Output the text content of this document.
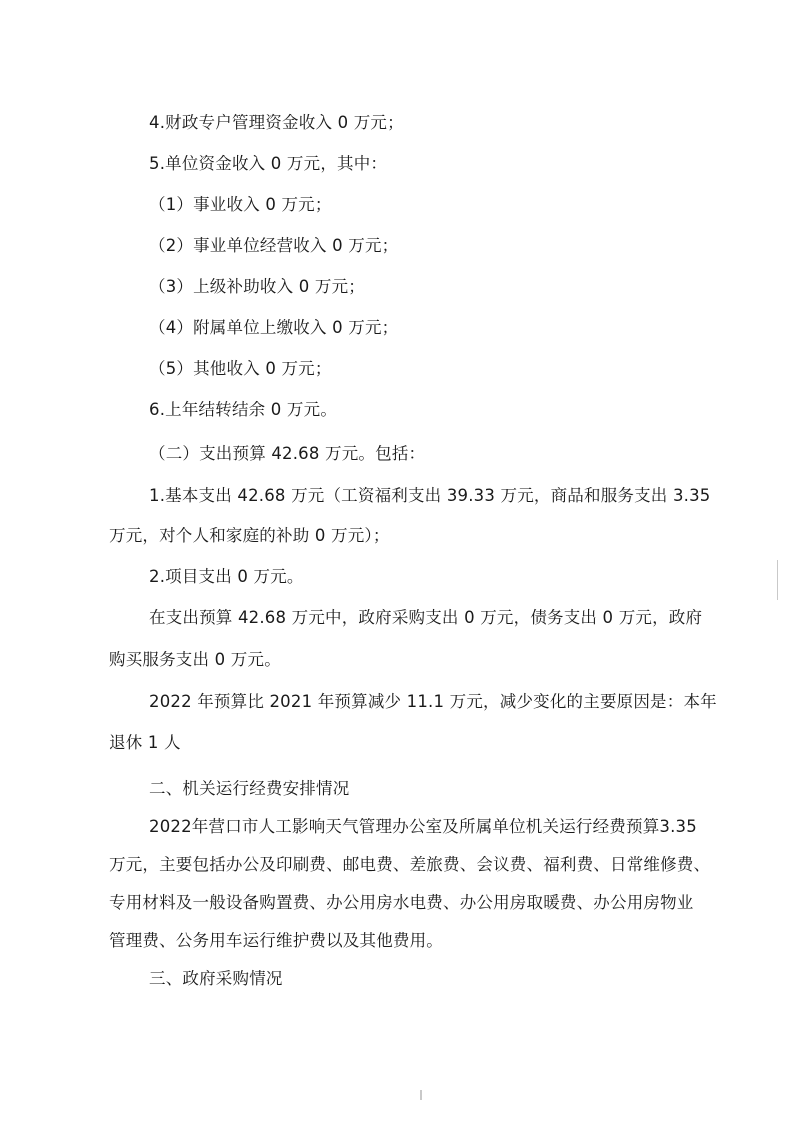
4.财政专户管理资金收入 0 万元；
5.单位资金收入 0 万元，其中：
（1）事业收入 0 万元；
（2）事业单位经营收入 0 万元；
（3）上级补助收入 0 万元；
（4）附属单位上缴收入 0 万元；
（5）其他收入 0 万元；
6.上年结转结余 0 万元。
（二）支出预算 42.68 万元。包括：
1.基本支出 42.68 万元（工资福利支出 39.33 万元，商品和服务支出 3.35
万元，对个人和家庭的补助 0 万元）；
2.项目支出 0 万元。
在支出预算 42.68 万元中，政府采购支出 0 万元，债务支出 0 万元，政府
购买服务支出 0 万元。
2022 年预算比 2021 年预算减少 11.1 万元，减少变化的主要原因是：本年
退休 1 人
二、机关运行经费安排情况
2022年营口市人工影响天气管理办公室及所属单位机关运行经费预算3.35
万元，主要包括办公及印刷费、邮电费、差旅费、会议费、福利费、日常维修费、
专用材料及一般设备购置费、办公用房水电费、办公用房取暖费、办公用房物业
管理费、公务用车运行维护费以及其他费用。
三、政府采购情况
